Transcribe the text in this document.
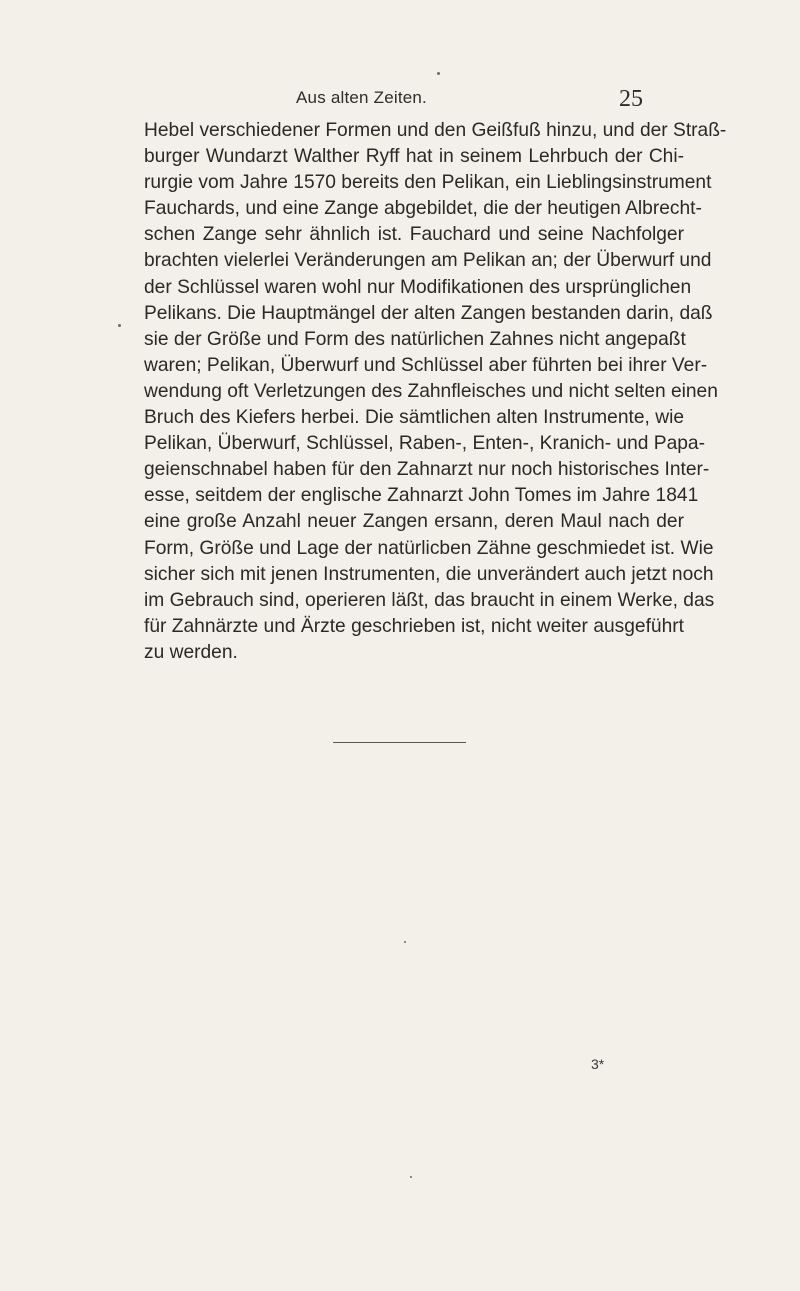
Aus alten Zeiten.	25
Hebel verschiedener Formen und den Geißfuß hinzu, und der Straß-
burger Wundarzt Walther Ryff hat in seinem Lehrbuch der Chi-
rurgie vom Jahre 1570 bereits den Pelikan, ein Lieblingsinstrument
Fauchards, und eine Zange abgebildet, die der heutigen Albrecht-
schen Zange sehr ähnlich ist. Fauchard und seine Nachfolger
brachten vielerlei Veränderungen am Pelikan an; der Überwurf und
der Schlüssel waren wohl nur Modifikationen des ursprünglichen
Pelikans. Die Hauptmängel der alten Zangen bestanden darin, daß
sie der Größe und Form des natürlichen Zahnes nicht angepaßt
waren; Pelikan, Überwurf und Schlüssel aber führten bei ihrer Ver-
wendung oft Verletzungen des Zahnfleisches und nicht selten einen
Bruch des Kiefers herbei. Die sämtlichen alten Instrumente, wie
Pelikan, Überwurf, Schlüssel, Raben-, Enten-, Kranich- und Papa-
geienschnabel haben für den Zahnarzt nur noch historisches Inter-
esse, seitdem der englische Zahnarzt John Tomes im Jahre 1841
eine große Anzahl neuer Zangen ersann, deren Maul nach der
Form, Größe und Lage der natürlicben Zähne geschmiedet ist. Wie
sicher sich mit jenen Instrumenten, die unverändert auch jetzt noch
im Gebrauch sind, operieren läßt, das braucht in einem Werke, das
für Zahnärzte und Ärzte geschrieben ist, nicht weiter ausgeführt
zu werden.
3*
